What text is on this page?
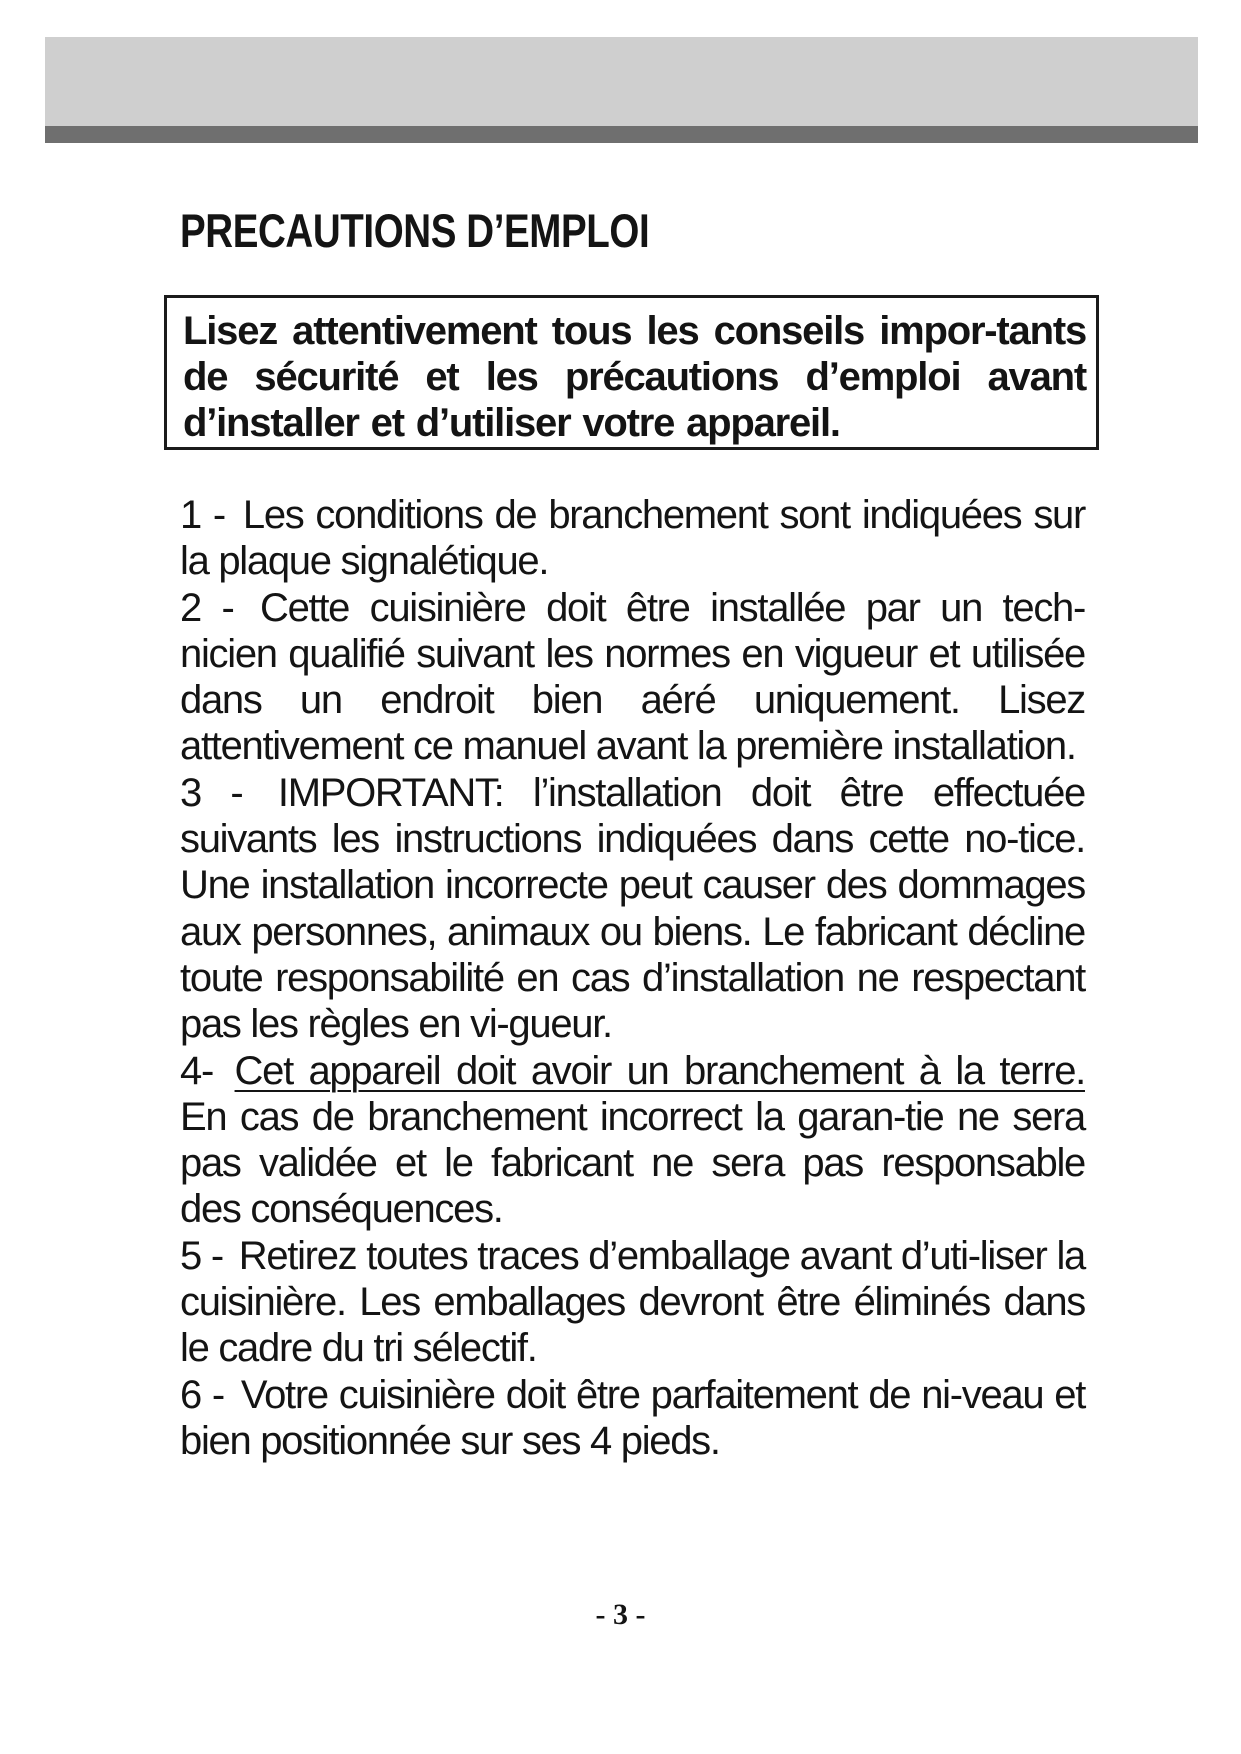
PRECAUTIONS D’EMPLOI

Lisez attentivement tous les conseils impor-tants de sécurité et les précautions d’emploi avant d’installer et d’utiliser votre appareil.

1 - Les conditions de branchement sont indiquées sur la plaque signalétique.

2 - Cette cuisinière doit être installée par un tech-nicien qualifié suivant les normes en vigueur et utilisée dans un endroit bien aéré uniquement. Lisez attentivement ce manuel avant la première installation.

3 - IMPORTANT: l’installation doit être effectuée suivants les instructions indiquées dans cette no-tice. Une installation incorrecte peut causer des dommages aux personnes, animaux ou biens. Le fabricant décline toute responsabilité en cas d’installation ne respectant pas les règles en vi-gueur.

4- Cet appareil doit avoir un branchement à la terre. En cas de branchement incorrect la garan-tie ne sera pas validée et le fabricant ne sera pas responsable des conséquences.

5 - Retirez toutes traces d’emballage avant d’uti-liser la cuisinière. Les emballages devront être éliminés dans le cadre du tri sélectif.

6 - Votre cuisinière doit être parfaitement de ni-veau et bien positionnée sur ses 4 pieds.

- 3 -
